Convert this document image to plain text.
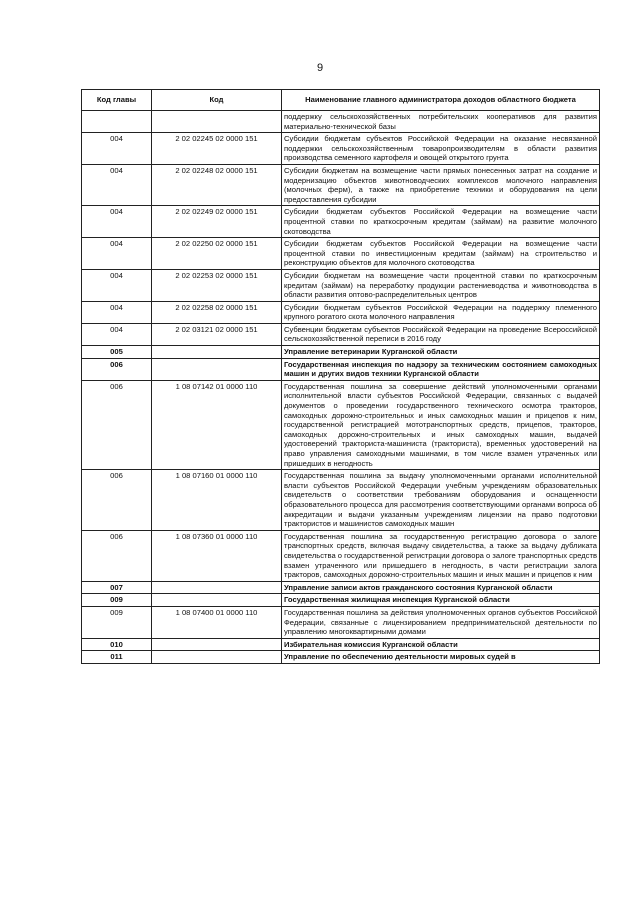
9
Код главы	Код	Наименование главного администратора доходов областного бюджета
		поддержку сельскохозяйственных потребительских кооперативов для развития материально-технической базы
004	2 02 02245 02 0000 151	Субсидии бюджетам субъектов Российской Федерации на оказание несвязанной поддержки сельскохозяйственным товаропроизводителям в области развития производства семенного картофеля и овощей открытого грунта
004	2 02 02248 02 0000 151	Субсидии бюджетам на возмещение части прямых понесенных затрат на создание и модернизацию объектов животноводческих комплексов молочного направления (молочных ферм), а также на приобретение техники и оборудования на цели предоставления субсидии
004	2 02 02249 02 0000 151	Субсидии бюджетам субъектов Российской Федерации на возмещение части процентной ставки по краткосрочным кредитам (займам) на развитие молочного скотоводства
004	2 02 02250 02 0000 151	Субсидии бюджетам субъектов Российской Федерации на возмещение части процентной ставки по инвестиционным кредитам (займам) на строительство и реконструкцию объектов для молочного скотоводства
004	2 02 02253 02 0000 151	Субсидии бюджетам на возмещение части процентной ставки по краткосрочным кредитам (займам) на переработку продукции растениеводства и животноводства в области развития оптово-распределительных центров
004	2 02 02258 02 0000 151	Субсидии бюджетам субъектов Российской Федерации на поддержку племенного крупного рогатого скота молочного направления
004	2 02 03121 02 0000 151	Субвенции бюджетам субъектов Российской Федерации на проведение Всероссийской сельскохозяйственной переписи в 2016 году
005		Управление ветеринарии Курганской области
006		Государственная инспекция по надзору за техническим состоянием самоходных машин и других видов техники Курганской области
006	1 08 07142 01 0000 110	Государственная пошлина за совершение действий уполномоченными органами исполнительной власти субъектов Российской Федерации, связанных с выдачей документов о проведении государственного технического осмотра тракторов, самоходных дорожно-строительных и иных самоходных машин и прицепов к ним, государственной регистрацией мототранспортных средств, прицепов, тракторов, самоходных дорожно-строительных и иных самоходных машин, выдачей удостоверений тракториста-машиниста (тракториста), временных удостоверений на право управления самоходными машинами, в том числе взамен утраченных или пришедших в негодность
006	1 08 07160 01 0000 110	Государственная пошлина за выдачу уполномоченными органами исполнительной власти субъектов Российской Федерации учебным учреждениям образовательных свидетельств о соответствии требованиям оборудования и оснащенности образовательного процесса для рассмотрения соответствующими органами вопроса об аккредитации и выдачи указанным учреждениям лицензии на право подготовки трактористов и машинистов самоходных машин
006	1 08 07360 01 0000 110	Государственная пошлина за государственную регистрацию договора о залоге транспортных средств, включая выдачу свидетельства, а также за выдачу дубликата свидетельства о государственной регистрации договора о залоге транспортных средств взамен утраченного или пришедшего в негодность, в части регистрации залога тракторов, самоходных дорожно-строительных машин и иных машин и прицепов к ним
007		Управление записи актов гражданского состояния Курганской области
009		Государственная жилищная инспекция Курганской области
009	1 08 07400 01 0000 110	Государственная пошлина за действия уполномоченных органов субъектов Российской Федерации, связанные с лицензированием предпринимательской деятельности по управлению многоквартирными домами
010		Избирательная комиссия Курганской области
011		Управление по обеспечению деятельности мировых судей в
